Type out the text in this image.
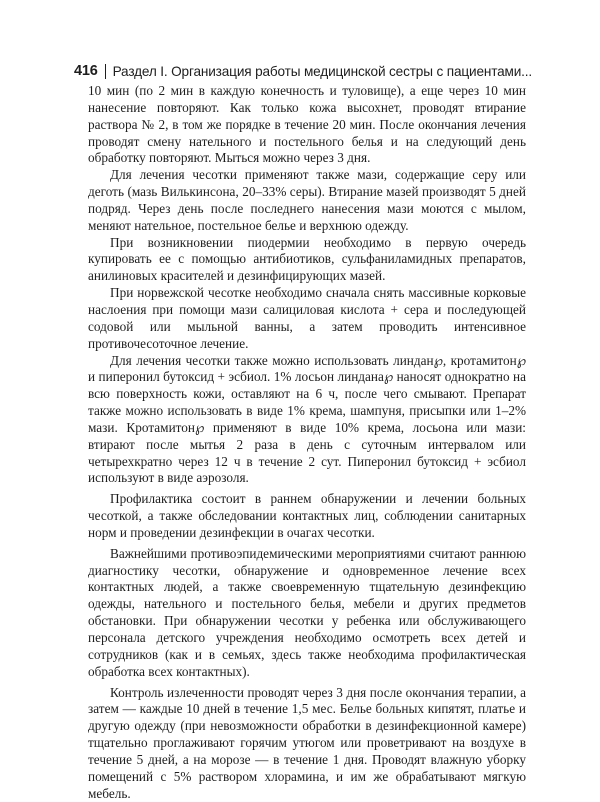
416 Раздел I. Организация работы медицинской сестры с пациентами...

10 мин (по 2 мин в каждую конечность и туловище), а еще через 10 мин нанесение повторяют. Как только кожа высохнет, проводят втирание раствора № 2, в том же порядке в течение 20 мин. После окончания лечения проводят смену нательного и постельного белья и на следующий день обработку повторяют. Мыться можно через 3 дня.

Для лечения чесотки применяют также мази, содержащие серу или деготь (мазь Вилькинсона, 20–33% серы). Втирание мазей производят 5 дней подряд. Через день после последнего нанесения мази моются с мылом, меняют нательное, постельное белье и верхнюю одежду.

При возникновении пиодермии необходимо в первую очередь купировать ее с помощью антибиотиков, сульфаниламидных препаратов, анилиновых красителей и дезинфицирующих мазей.

При норвежской чесотке необходимо сначала снять массивные корковые наслоения при помощи мази салициловая кислота + сера и последующей содовой или мыльной ванны, а затем проводить интенсивное противочесоточное лечение.

Для лечения чесотки также можно использовать линдан℘, кротамитон℘ и пиперонил бутоксид + эсбиол. 1% лосьон линдана℘ наносят однократно на всю поверхность кожи, оставляют на 6 ч, после чего смывают. Препарат также можно использовать в виде 1% крема, шампуня, присыпки или 1–2% мази. Кротамитон℘ применяют в виде 10% крема, лосьона или мази: втирают после мытья 2 раза в день с суточным интервалом или четырехкратно через 12 ч в течение 2 сут. Пиперонил бутоксид + эсбиол используют в виде аэрозоля.

Профилактика состоит в раннем обнаружении и лечении больных чесоткой, а также обследовании контактных лиц, соблюдении санитарных норм и проведении дезинфекции в очагах чесотки.

Важнейшими противоэпидемическими мероприятиями считают раннюю диагностику чесотки, обнаружение и одновременное лечение всех контактных людей, а также своевременную тщательную дезинфекцию одежды, нательного и постельного белья, мебели и других предметов обстановки. При обнаружении чесотки у ребенка или обслуживающего персонала детского учреждения необходимо осмотреть всех детей и сотрудников (как и в семьях, здесь также необходима профилактическая обработка всех контактных).

Контроль излеченности проводят через 3 дня после окончания терапии, а затем — каждые 10 дней в течение 1,5 мес. Белье больных кипятят, платье и другую одежду (при невозможности обработки в дезинфекционной камере) тщательно проглаживают горячим утюгом или проветривают на воздухе в течение 5 дней, а на морозе — в течение 1 дня. Проводят влажную уборку помещений с 5% раствором хлорамина, и им же обрабатывают мягкую мебель.
